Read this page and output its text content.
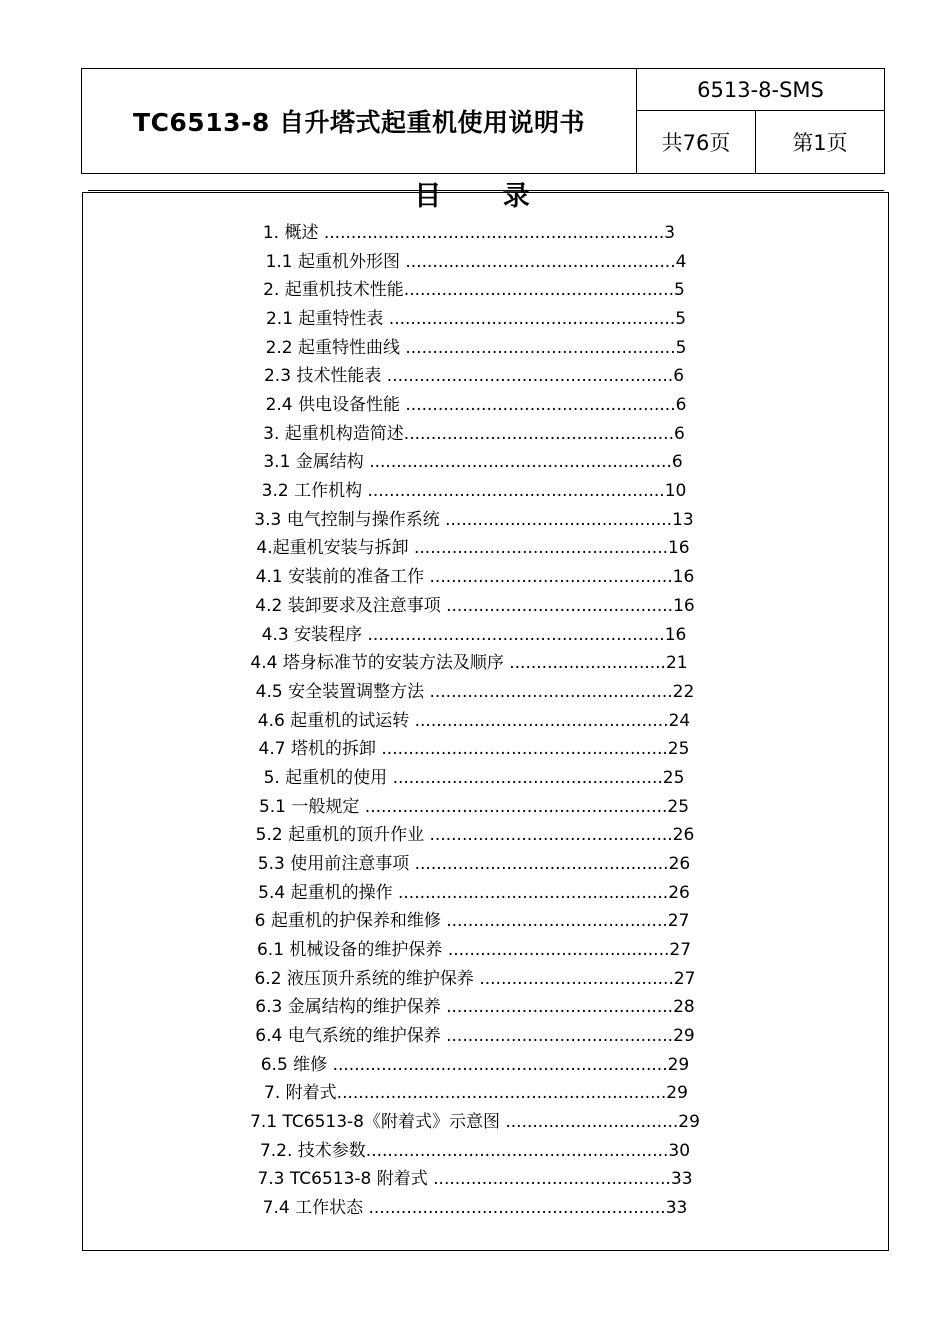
TC6513-8 自升塔式起重机使用说明书
6513-8-SMS
共76页	第1页
目 录
1. 概述 ...............................................................3
1.1 起重机外形图 ..................................................4
2. 起重机技术性能..................................................5
2.1 起重特性表 .....................................................5
2.2 起重特性曲线 ..................................................5
2.3 技术性能表 .....................................................6
2.4 供电设备性能 ..................................................6
3. 起重机构造简述..................................................6
3.1 金属结构 ........................................................6
3.2 工作机构 .......................................................10
3.3 电气控制与操作系统 ..........................................13
4.起重机安装与拆卸 ...............................................16
4.1 安装前的准备工作 .............................................16
4.2 装卸要求及注意事项 ..........................................16
4.3 安装程序 .......................................................16
4.4 塔身标准节的安装方法及顺序 .............................21
4.5 安全装置调整方法 .............................................22
4.6 起重机的试运转 ...............................................24
4.7 塔机的拆卸 .....................................................25
5. 起重机的使用 ..................................................25
5.1 一般规定 ........................................................25
5.2 起重机的顶升作业 .............................................26
5.3 使用前注意事项 ...............................................26
5.4 起重机的操作 ..................................................26
6 起重机的护保养和维修 .........................................27
6.1 机械设备的维护保养 .........................................27
6.2 液压顶升系统的维护保养 ....................................27
6.3 金属结构的维护保养 ..........................................28
6.4 电气系统的维护保养 ..........................................29
6.5 维修 ..............................................................29
7. 附着式.............................................................29
7.1 TC6513-8《附着式》示意图 ................................29
7.2. 技术参数........................................................30
7.3 TC6513-8 附着式 ............................................33
7.4 工作状态 .......................................................33
